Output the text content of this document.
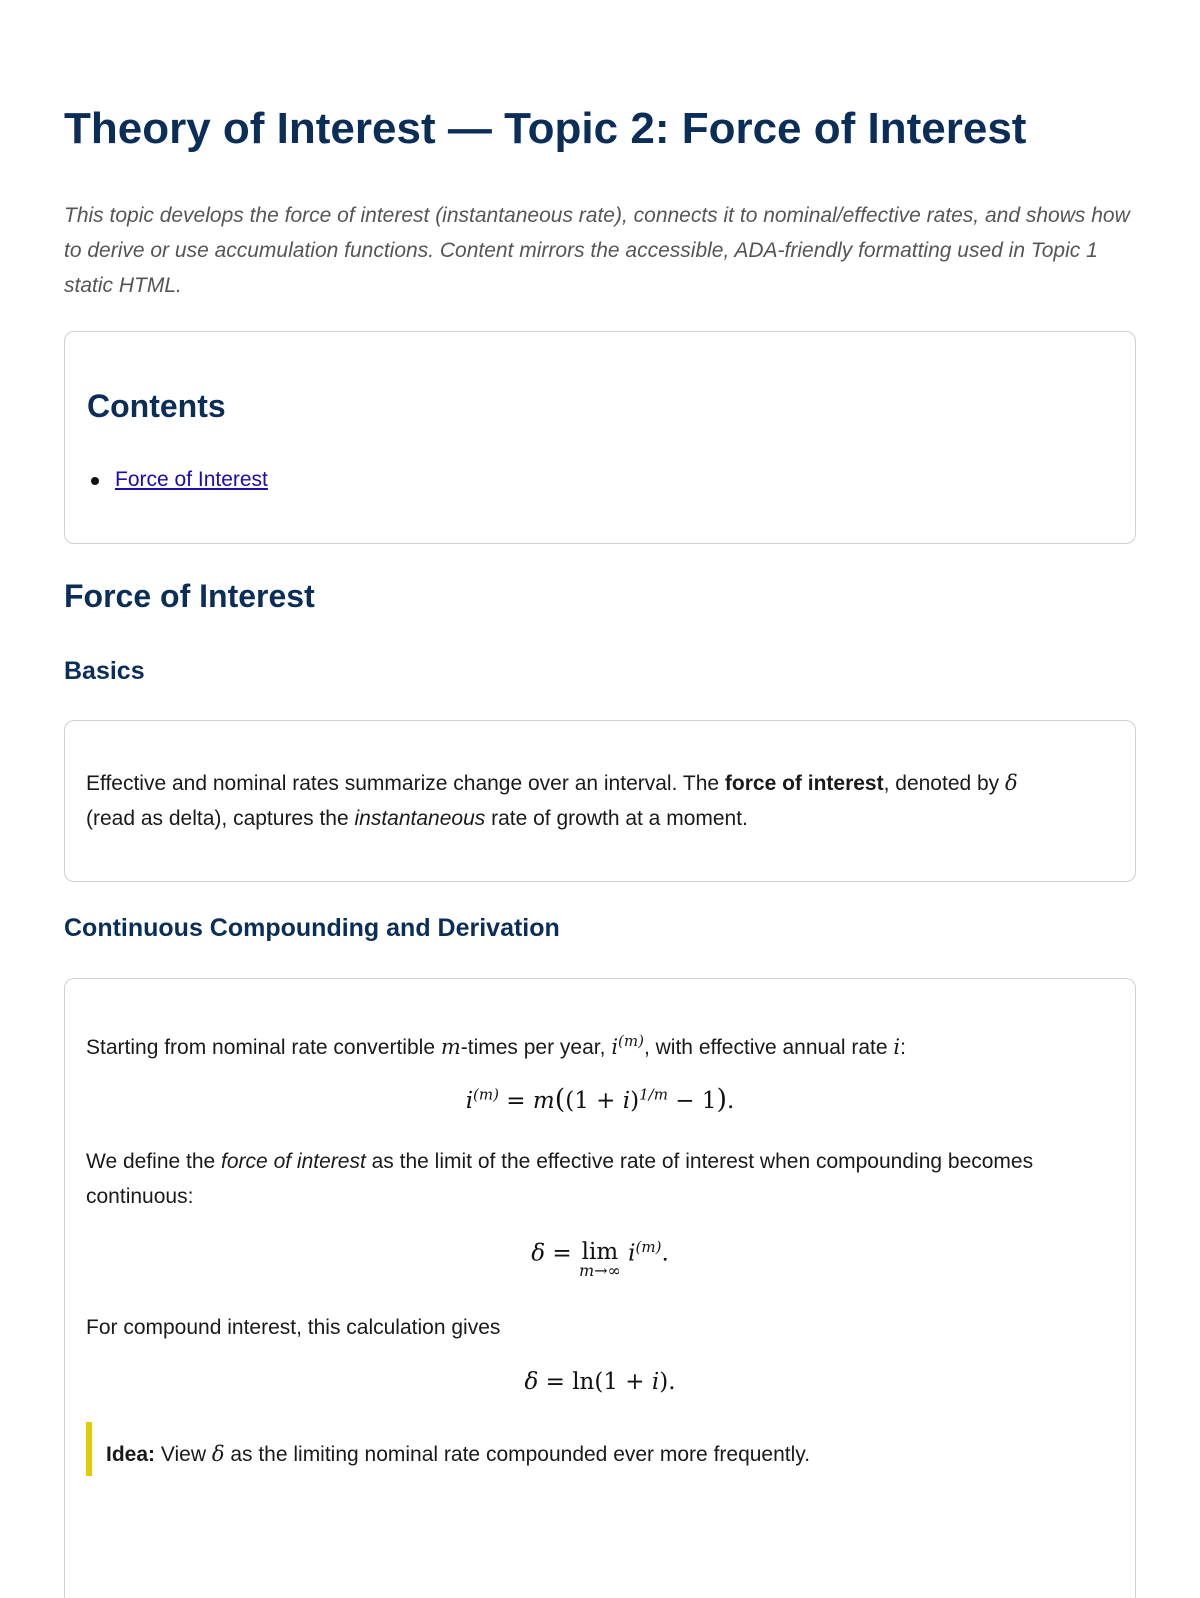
Theory of Interest — Topic 2: Force of Interest
This topic develops the force of interest (instantaneous rate), connects it to nominal/effective rates, and shows how to derive or use accumulation functions. Content mirrors the accessible, ADA-friendly formatting used in Topic 1 static HTML.
Contents
Force of Interest
Force of Interest
Basics
Effective and nominal rates summarize change over an interval. The force of interest, denoted by δ
(read as delta), captures the instantaneous rate of growth at a moment.
Continuous Compounding and Derivation
Starting from nominal rate convertible m-times per year, $i^{(m)}$, with effective annual rate i:
$i^{(m)} = m((1 + i)^{1/m} - 1)$.
We define the force of interest as the limit of the effective rate of interest when compounding becomes continuous:
δ = lim
m→∞
$i^{(m)}$.
For compound interest, this calculation gives
δ = ln(1 + i).
Idea: View δ as the limiting nominal rate compounded ever more frequently.
